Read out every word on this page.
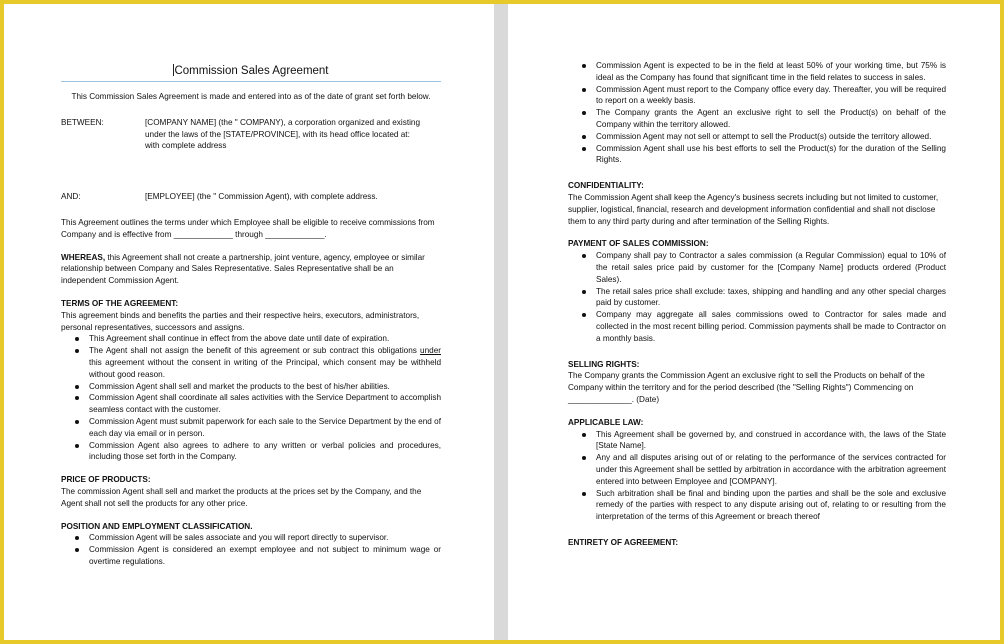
Commission Sales Agreement

This Commission Sales Agreement is made and entered into as of the date of grant set forth below.

BETWEEN:	[COMPANY NAME] (the " COMPANY), a corporation organized and existing under the laws of the [STATE/PROVINCE], with its head office located at: with complete address
AND:	[EMPLOYEE] (the " Commission Agent), with complete address.

This Agreement outlines the terms under which Employee shall be eligible to receive commissions from Company and is effective from _____________ through _____________.

WHEREAS, this Agreement shall not create a partnership, joint venture, agency, employee or similar relationship between Company and Sales Representative. Sales Representative shall be an independent Commission Agent.

TERMS OF THE AGREEMENT:

This agreement binds and benefits the parties and their respective heirs, executors, administrators, personal representatives, successors and assigns.

This Agreement shall continue in effect from the above date until date of expiration.
The Agent shall not assign the benefit of this agreement or sub contract this obligations under this agreement without the consent in writing of the Principal, which consent may be withheld without good reason.
Commission Agent shall sell and market the products to the best of his/her abilities.
Commission Agent shall coordinate all sales activities with the Service Department to accomplish seamless contact with the customer.
Commission Agent must submit paperwork for each sale to the Service Department by the end of each day via email or in person.
Commission Agent also agrees to adhere to any written or verbal policies and procedures, including those set forth in the Company.

PRICE OF PRODUCTS:

The commission Agent shall sell and market the products at the prices set by the Company, and the Agent shall not sell the products for any other price.

POSITION AND EMPLOYMENT CLASSIFICATION.

Commission Agent will be sales associate and you will report directly to supervisor.
Commission Agent is considered an exempt employee and not subject to minimum wage or overtime regulations.
Commission Agent is expected to be in the field at least 50% of your working time, but 75% is ideal as the Company has found that significant time in the field relates to success in sales.
Commission Agent must report to the Company office every day. Thereafter, you will be required to report on a weekly basis.
The Company grants the Agent an exclusive right to sell the Product(s) on behalf of the Company within the territory allowed.
Commission Agent may not sell or attempt to sell the Product(s) outside the territory allowed.
Commission Agent shall use his best efforts to sell the Product(s) for the duration of the Selling Rights.

CONFIDENTIALITY:

The Commission Agent shall keep the Agency's business secrets including but not limited to customer, supplier, logistical, financial, research and development information confidential and shall not disclose them to any third party during and after termination of the Selling Rights.

PAYMENT OF SALES COMMISSION:

Company shall pay to Contractor a sales commission (a Regular Commission) equal to 10% of the retail sales price paid by customer for the [Company Name] products ordered (Product Sales).
The retail sales price shall exclude: taxes, shipping and handling and any other special charges paid by customer.
Company may aggregate all sales commissions owed to Contractor for sales made and collected in the most recent billing period. Commission payments shall be made to Contractor on a monthly basis.

SELLING RIGHTS:

The Company grants the Commission Agent an exclusive right to sell the Products on behalf of the Company within the territory and for the period described (the "Selling Rights") Commencing on ______________. (Date)

APPLICABLE LAW:

This Agreement shall be governed by, and construed in accordance with, the laws of the State [State Name].
Any and all disputes arising out of or relating to the performance of the services contracted for under this Agreement shall be settled by arbitration in accordance with the arbitration agreement entered into between Employee and [COMPANY].
Such arbitration shall be final and binding upon the parties and shall be the sole and exclusive remedy of the parties with respect to any dispute arising out of, relating to or resulting from the interpretation of the terms of this Agreement or breach thereof

ENTIRETY OF AGREEMENT:
